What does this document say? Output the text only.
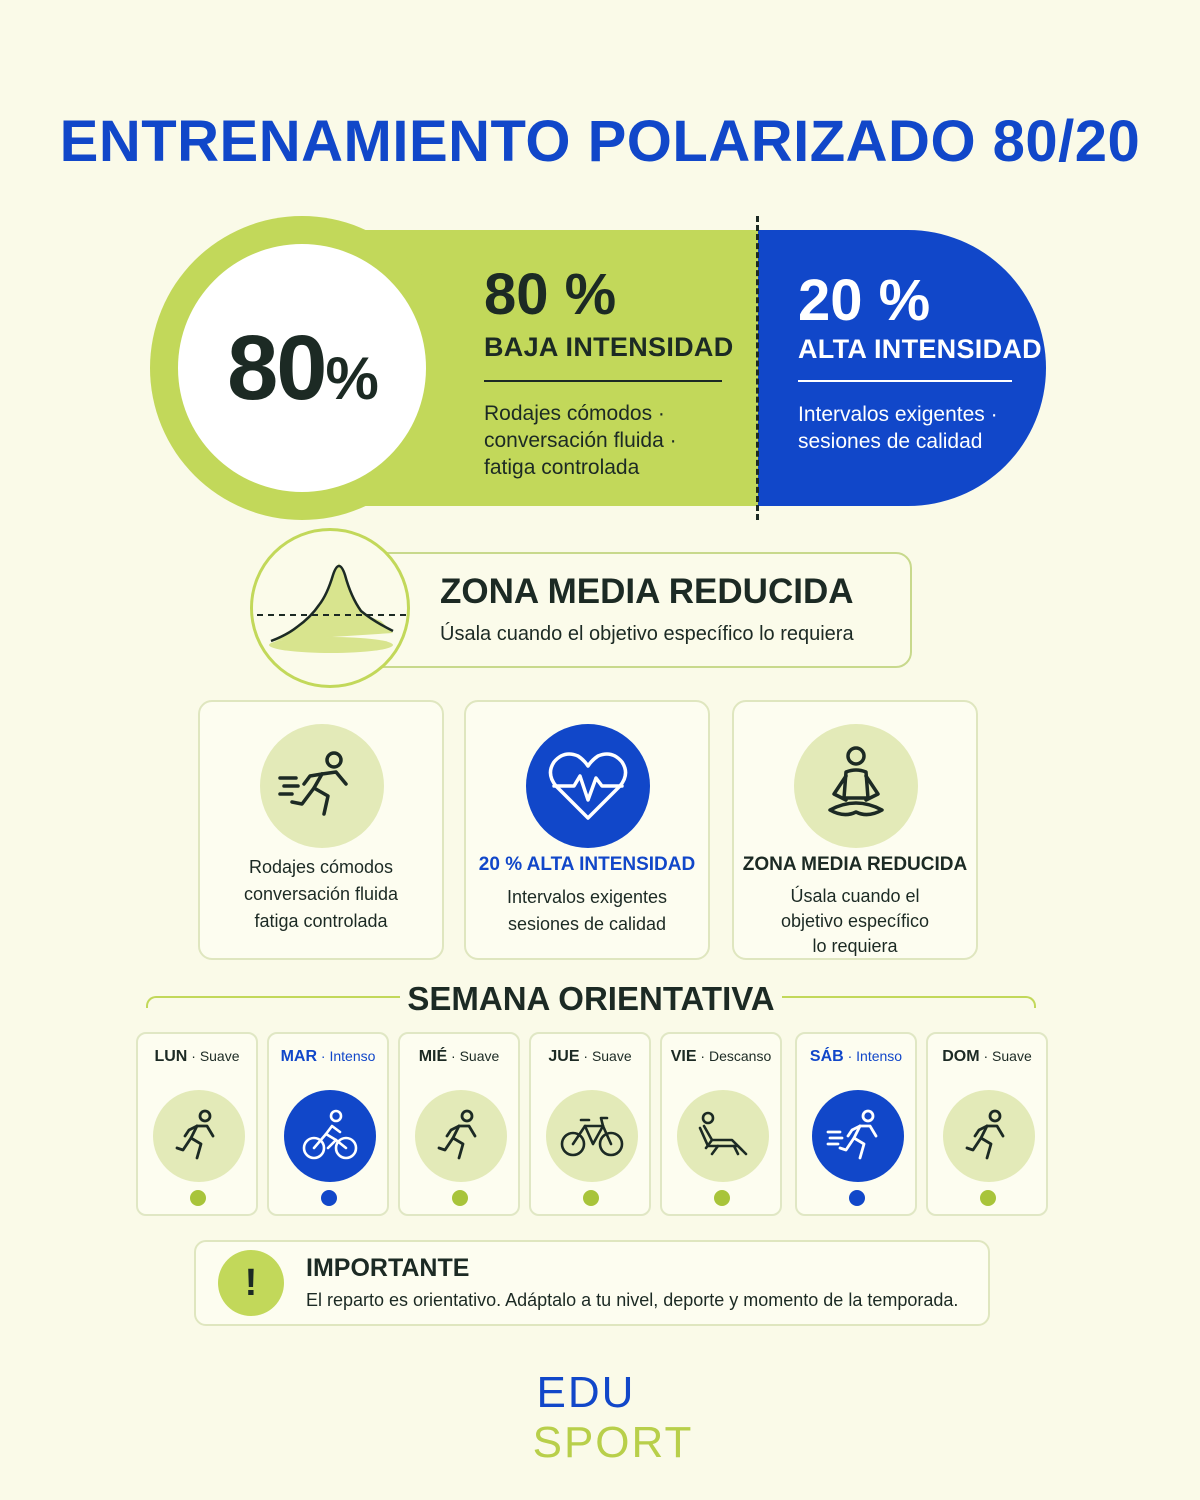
ENTRENAMIENTO POLARIZADO 80/20
80%
80 %
BAJA INTENSIDAD
Rodajes cómodos ·
conversación fluida ·
fatiga controlada
20 %
ALTA INTENSIDAD
Intervalos exigentes ·
sesiones de calidad
ZONA MEDIA REDUCIDA
Úsala cuando el objetivo específico lo requiera
Rodajes cómodos
conversación fluida
fatiga controlada
20 % ALTA INTENSIDAD
Intervalos exigentes
sesiones de calidad
ZONA MEDIA REDUCIDA
Úsala cuando el
objetivo específico
lo requiera
SEMANA ORIENTATIVA
LUN · Suave	MAR · Intenso	MIÉ · Suave	JUE · Suave	VIE · Descanso	SÁB · Intenso	DOM · Suave
!	IMPORTANTE
El reparto es orientativo. Adáptalo a tu nivel, deporte y momento de la temporada.
EDU
SPORT
